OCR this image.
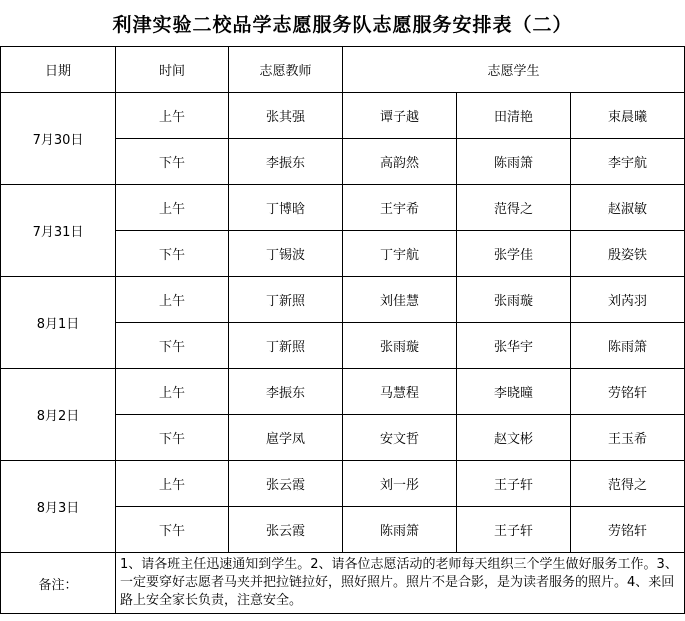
利津实验二校品学志愿服务队志愿服务安排表（二）
日期	时间	志愿教师	志愿学生		
7月30日	上午	张其强	谭子越	田清艳	束晨曦
	下午	李振东	高韵然	陈雨箫	李宇航
7月31日	上午	丁博晗	王宇希	范得之	赵淑敏
	下午	丁锡波	丁宇航	张学佳	殷姿铁
8月1日	上午	丁新照	刘佳慧	张雨璇	刘芮羽
	下午	丁新照	张雨璇	张华宇	陈雨箫
8月2日	上午	李振东	马慧程	李晓曈	劳铭轩
	下午	扈学凤	安文哲	赵文彬	王玉希
8月3日	上午	张云霞	刘一彤	王子轩	范得之
	下午	张云霞	陈雨箫	王子轩	劳铭轩
备注：	1、请各班主任迅速通知到学生。2、请各位志愿活动的老师每天组织三个学生做好服务工作。3、一定要穿好志愿者马夹并把拉链拉好，照好照片。照片不是合影，是为读者服务的照片。4、来回路上安全家长负责，注意安全。				
